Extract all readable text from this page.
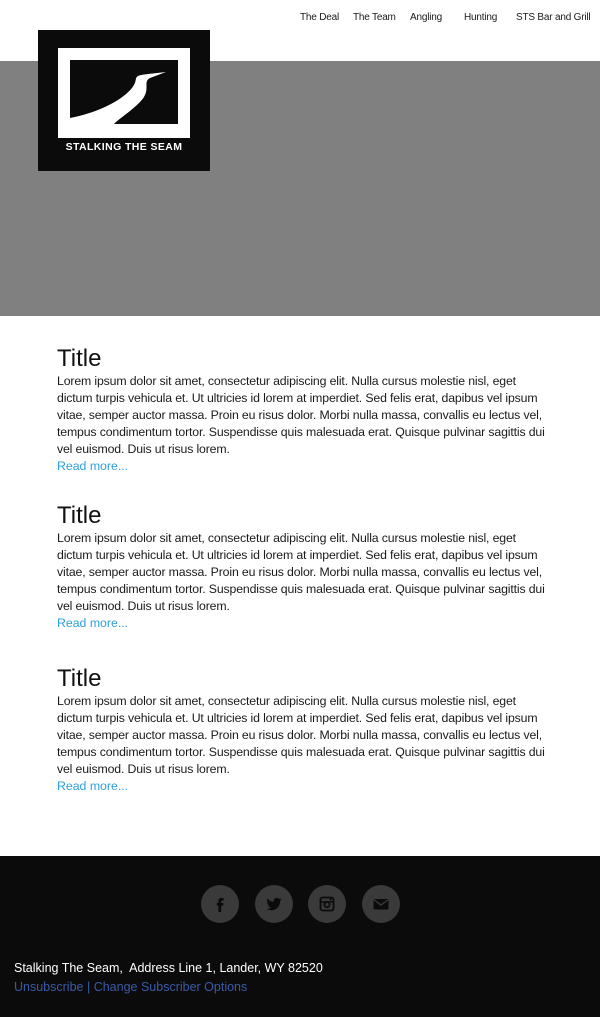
The Deal The Team Angling Hunting STS Bar and Grill
STALKING THE SEAM
Title

Lorem ipsum dolor sit amet, consectetur adipiscing elit. Nulla cursus molestie nisl, eget dictum turpis vehicula et. Ut ultricies id lorem at imperdiet. Sed felis erat, dapibus vel ipsum vitae, semper auctor massa. Proin eu risus dolor. Morbi nulla massa, convallis eu lectus vel, tempus condimentum tortor. Suspendisse quis malesuada erat. Quisque pulvinar sagittis dui vel euismod. Duis ut risus lorem.

Read more...
Title

Lorem ipsum dolor sit amet, consectetur adipiscing elit. Nulla cursus molestie nisl, eget dictum turpis vehicula et. Ut ultricies id lorem at imperdiet. Sed felis erat, dapibus vel ipsum vitae, semper auctor massa. Proin eu risus dolor. Morbi nulla massa, convallis eu lectus vel, tempus condimentum tortor. Suspendisse quis malesuada erat. Quisque pulvinar sagittis dui vel euismod. Duis ut risus lorem.

Read more...
Title

Lorem ipsum dolor sit amet, consectetur adipiscing elit. Nulla cursus molestie nisl, eget dictum turpis vehicula et. Ut ultricies id lorem at imperdiet. Sed felis erat, dapibus vel ipsum vitae, semper auctor massa. Proin eu risus dolor. Morbi nulla massa, convallis eu lectus vel, tempus condimentum tortor. Suspendisse quis malesuada erat. Quisque pulvinar sagittis dui vel euismod. Duis ut risus lorem.

Read more...
Stalking The Seam,  Address Line 1, Lander, WY 82520
Unsubscribe | Change Subscriber Options
